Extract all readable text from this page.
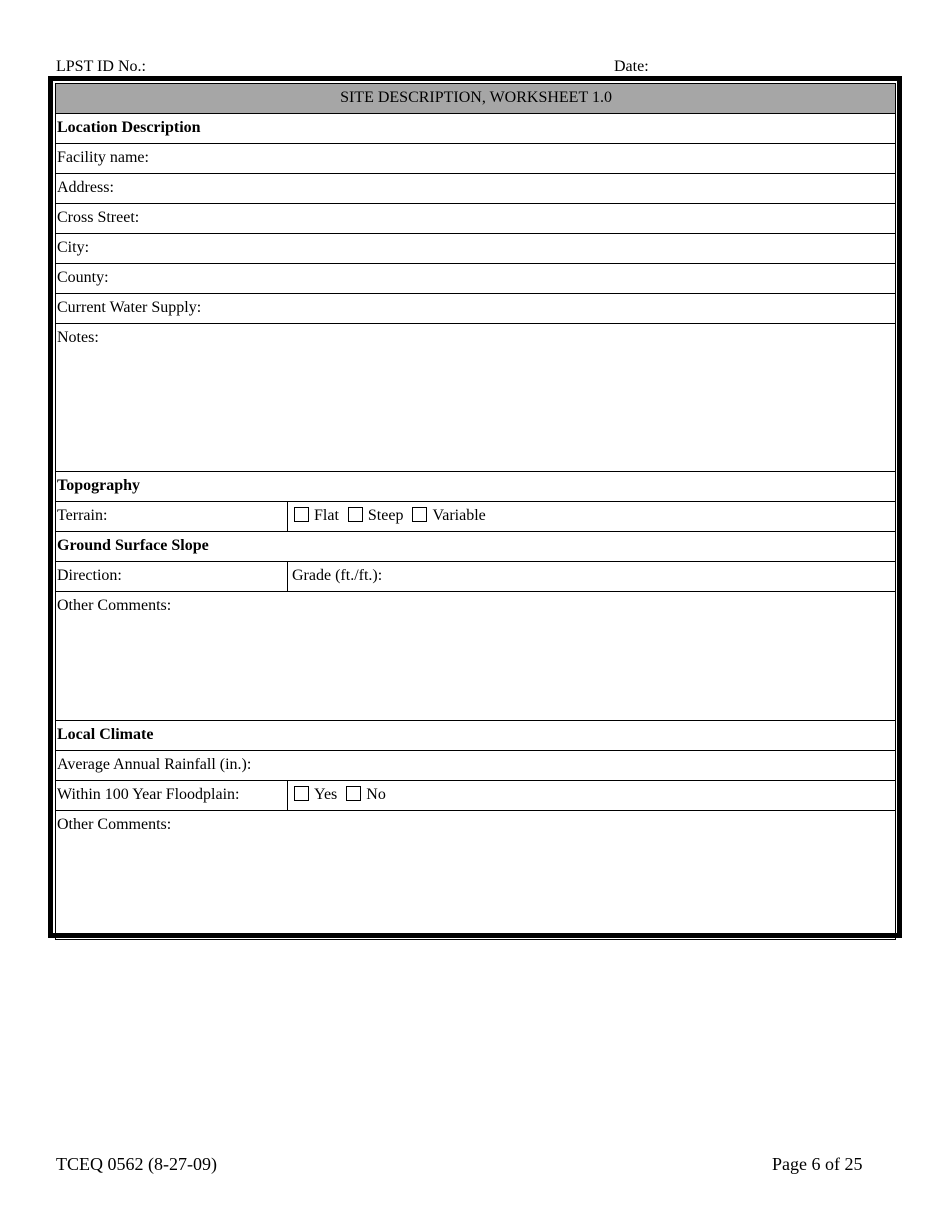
LPST ID No.:	Date:
SITE DESCRIPTION, WORKSHEET 1.0	
Location Description	
Facility name:	
Address:	
Cross Street:	
City:	
County:	
Current Water Supply:	
Notes:	
Topography	
Terrain:	Flat Steep Variable
Ground Surface Slope	
Direction:	Grade (ft./ft.):
Other Comments:	
Local Climate	
Average Annual Rainfall (in.):	
Within 100 Year Floodplain:	Yes No
Other Comments:	
TCEQ 0562 (8-27-09)	Page 6 of 25
